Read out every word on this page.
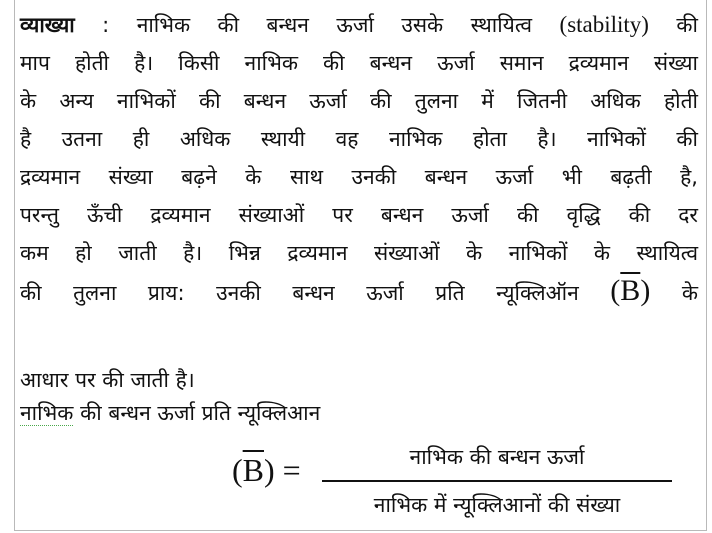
व्याख्या : नाभिक की बन्धन ऊर्जा उसके स्थायित्व (stability) की
माप होती है। किसी नाभिक की बन्धन ऊर्जा समान द्रव्यमान संख्या
के अन्य नाभिकों की बन्धन ऊर्जा की तुलना में जितनी अधिक होती
है उतना ही अधिक स्थायी वह नाभिक होता है। नाभिकों की
द्रव्यमान संख्या बढ़ने के साथ उनकी बन्धन ऊर्जा भी बढ़ती है,
परन्तु ऊँची द्रव्यमान संख्याओं पर बन्धन ऊर्जा की वृद्धि की दर
कम हो जाती है। भिन्न द्रव्यमान संख्याओं के नाभिकों के स्थायित्व
की तुलना प्राय: उनकी बन्धन ऊर्जा प्रति न्यूक्लिऑन $(\overline{B})$ के
आधार पर की जाती है।
नाभिक की बन्धन ऊर्जा प्रति न्यूक्लिआन
$(\overline{B})$ =	नाभिक की बन्धन ऊर्जा
नाभिक में न्यूक्लिआनों की संख्या
